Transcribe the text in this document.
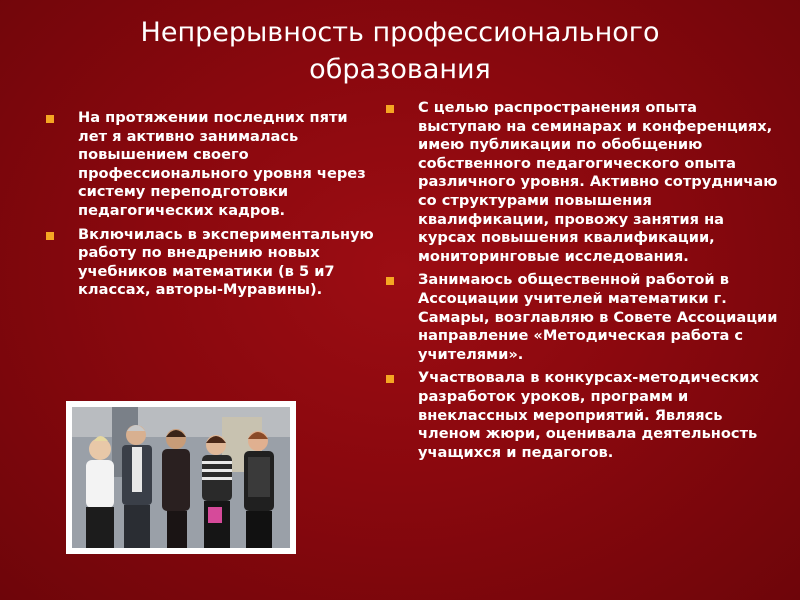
Непрерывность профессионального образования
На протяжении последних пяти лет я активно занималась повышением своего профессионального уровня через систему переподготовки педагогических кадров.
Включилась в экспериментальную работу по внедрению новых учебников математики (в 5 и7 классах, авторы-Муравины).
С целью распространения опыта выступаю на семинарах и конференциях, имею публикации по обобщению собственного педагогического опыта различного уровня. Активно сотрудничаю со структурами повышения квалификации, провожу занятия на курсах повышения квалификации, мониторинговые исследования.
Занимаюсь общественной работой в Ассоциации учителей математики г. Самары, возглавляю в Совете Ассоциации направление «Методическая работа с учителями».
Участвовала в конкурсах-методических разработок уроков, программ и внеклассных мероприятий. Являясь членом жюри, оценивала деятельность учащихся и педагогов.
